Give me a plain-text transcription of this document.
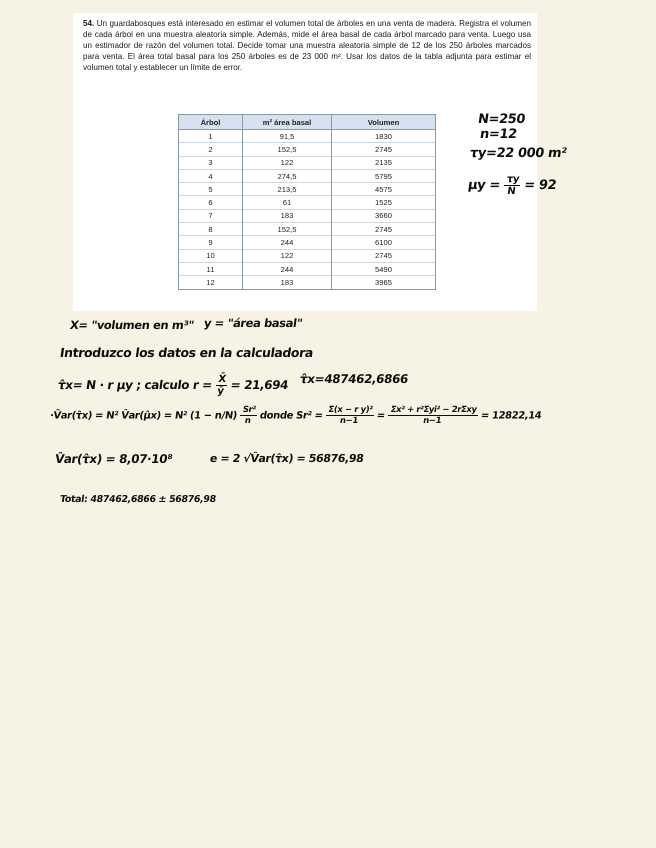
54. Un guardabosques está interesado en estimar el volumen total de árboles en una venta de madera. Registra el volumen de cada árbol en una muestra aleatoria simple. Además, mide el área basal de cada árbol marcado para venta. Luego usa un estimador de razón del volumen total. Decide tomar una muestra aleatoria simple de 12 de los 250 árboles marcados para venta. El área total basal para los 250 árboles es de 23 000 m². Usar los datos de la tabla adjunta para estimar el volumen total y establecer un límite de error.

Árbol	m² área basal	Volumen
1	91,5	1830
2	152,5	2745
3	122	2135
4	274,5	5795
5	213,5	4575
6	61	1525
7	183	3660
8	152,5	2745
9	244	6100
10	122	2745
11	244	5490
12	183	3965
N=250
n=12
τy=22 000 m²
$\mu y = \frac{\tau y}{N} = 92$
X= "volumen en m³" y = "área basal"
Introduzco los datos en la calculadora
τ̂x= N · r μy ; calculo $r = \frac{X̄}{ȳ} = 21,694$ τ̂x=487462,6866
·V̂ar(τ̂x) = N² V̂ar(μ̂x) = N² $(1 - n/N) \frac{\text{Sr²}}{n}$ donde $Sr^2 = \frac{\text{Σ(x − r y)²}}{n-1} = \frac{\text{Σx² + r²Σyi² − 2rΣxy}}{n-1} = 12822,14$
V̂ar(τ̂x) = 8,07·10⁸	e = 2 √V̂ar(τ̂x) = 56876,98
Total: 487462,6866 ± 56876,98
